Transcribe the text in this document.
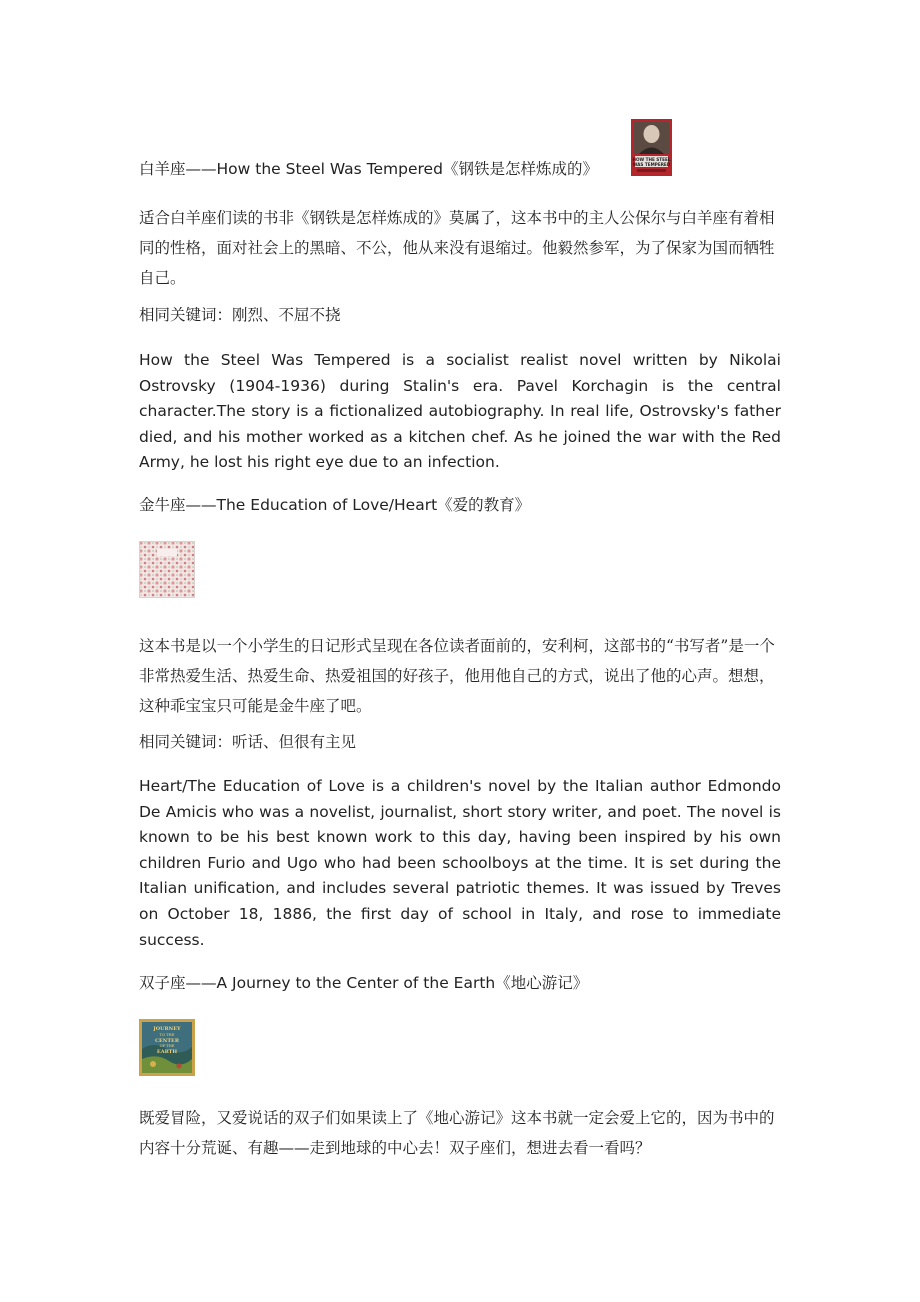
白羊座——How the Steel Was Tempered《钢铁是怎样炼成的》
HOW THE STEEL
WAS TEMPERED

适合白羊座们读的书非《钢铁是怎样炼成的》莫属了，这本书中的主人公保尔与白羊座有着相同的性格，面对社会上的黑暗、不公，他从来没有退缩过。他毅然参军，为了保家为国而牺牲自己。

相同关键词：刚烈、不屈不挠

How the Steel Was Tempered is a socialist realist novel written by Nikolai Ostrovsky (1904-1936) during Stalin's era. Pavel Korchagin is the central character.The story is a fictionalized autobiography. In real life, Ostrovsky's father died, and his mother worked as a kitchen chef. As he joined the war with the Red Army, he lost his right eye due to an infection.

金牛座——The Education of Love/Heart《爱的教育》

这本书是以一个小学生的日记形式呈现在各位读者面前的，安利柯，这部书的“书写者”是一个非常热爱生活、热爱生命、热爱祖国的好孩子，他用他自己的方式，说出了他的心声。想想，这种乖宝宝只可能是金牛座了吧。

相同关键词：听话、但很有主见

Heart/The Education of Love is a children's novel by the Italian author Edmondo De Amicis who was a novelist, journalist, short story writer, and poet. The novel is known to be his best known work to this day, having been inspired by his own children Furio and Ugo who had been schoolboys at the time. It is set during the Italian unification, and includes several patriotic themes. It was issued by Treves on October 18, 1886, the first day of school in Italy, and rose to immediate success.

双子座——A Journey to the Center of the Earth《地心游记》
JOURNEY
TO THE
CENTER
OF THE
EARTH

既爱冒险，又爱说话的双子们如果读上了《地心游记》这本书就一定会爱上它的，因为书中的内容十分荒诞、有趣——走到地球的中心去！双子座们，想进去看一看吗？
